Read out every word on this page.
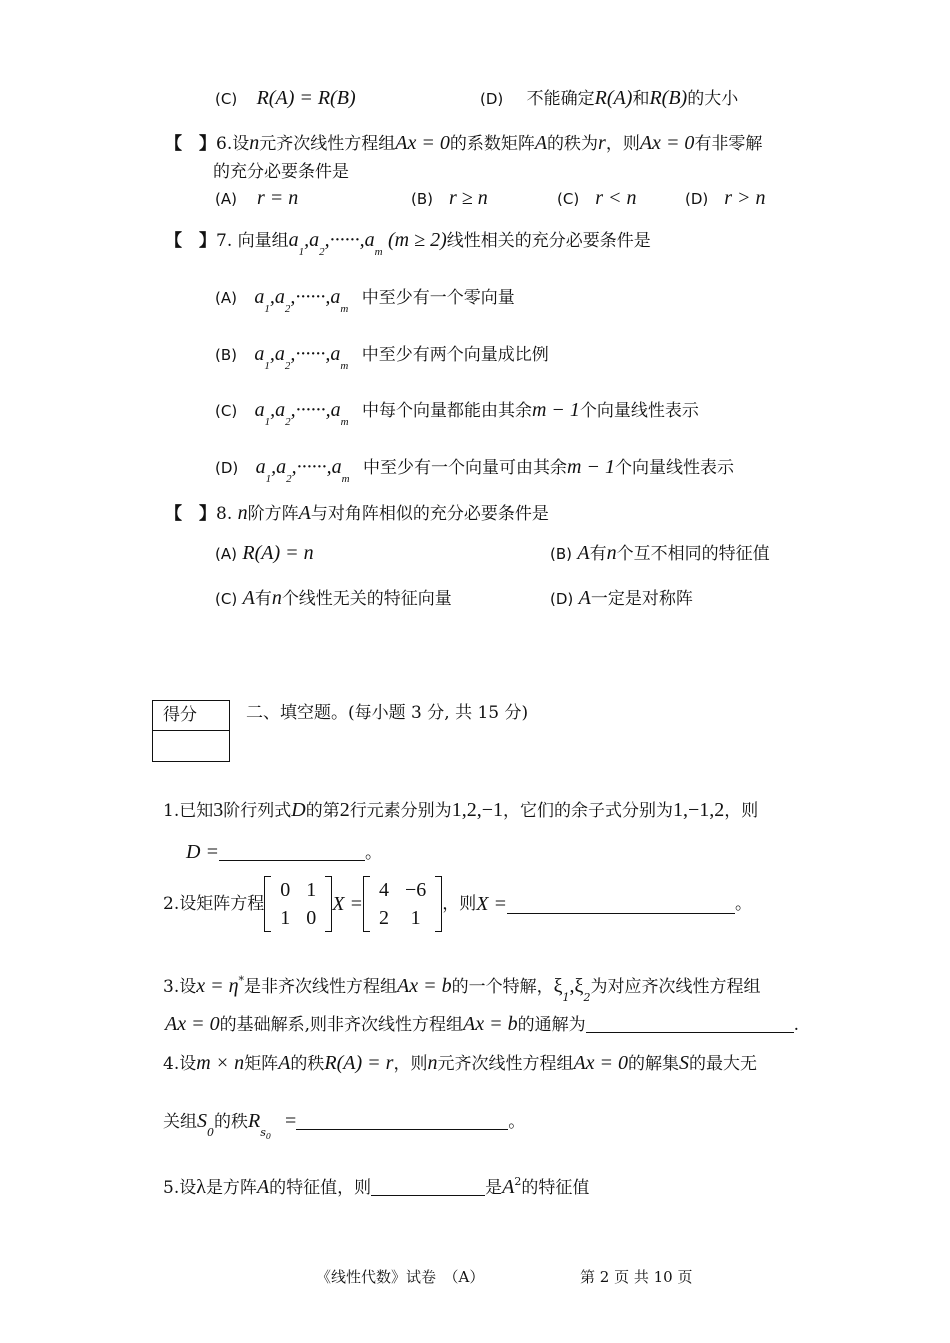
(C) R(A) = R(B)	(D) 不能确定R(A)和R(B)的大小
【　】6.设n元齐次线性方程组Ax = 0的系数矩阵A的秩为r，则Ax = 0有非零解
的充分必要条件是
(A) r = n	(B) r ≥ n	(C) r < n	(D) r > n
【　】7. 向量组$a_1,a_2,\cdot\cdot\cdot\cdot\cdot\cdot,a_m$ (m ≥ 2)线性相关的充分必要条件是
(A) $a_1,a_2,\cdot\cdot\cdot\cdot\cdot\cdot,a_m$ 中至少有一个零向量
(B) $a_1,a_2,\cdot\cdot\cdot\cdot\cdot\cdot,a_m$ 中至少有两个向量成比例
(C) $a_1,a_2,\cdot\cdot\cdot\cdot\cdot\cdot,a_m$ 中每个向量都能由其余m − 1个向量线性表示
(D) $a_1,a_2,\cdot\cdot\cdot\cdot\cdot\cdot,a_m$ 中至少有一个向量可由其余m − 1个向量线性表示
【　】8. n阶方阵A与对角阵相似的充分必要条件是
(A) R(A) = n	(B) A有n个互不相同的特征值
(C) A有n个线性无关的特征向量	(D) A一定是对称阵
得分	二、填空题。(每小题 3 分, 共 15 分)
1.已知3阶行列式D的第2行元素分别为1,2,−1，它们的余子式分别为1,−1,2，则
D =	。
2.设矩阵方程
0	1
1	0
X =
4	−6
2	1
，则X =	。
3.设x = η*是非齐次线性方程组Ax = b的一个特解，$\xi_1,\xi_2$为对应齐次线性方程组
Ax = 0的基础解系,则非齐次线性方程组Ax = b的通解为	.
4.设m × n矩阵A的秩R(A) = r，则n元齐次线性方程组Ax = 0的解集S的最大无
关组$S_0$的秩$R_{s_0}=$	。
5.设λ是方阵A的特征值，则	是$A^2$的特征值
《线性代数》试卷　（A）	第 2 页 共 10 页
